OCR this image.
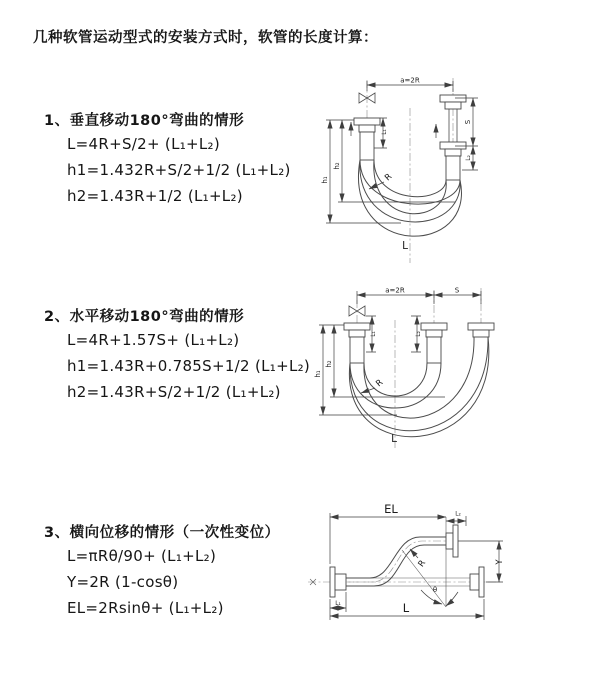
几种软管运动型式的安装方式时，软管的长度计算：
1、垂直移动180°弯曲的情形
L=4R+S/2+ (L₁+L₂)
h1=1.432R+S/2+1/2 (L₁+L₂)
h2=1.43R+1/2 (L₁+L₂)
2、水平移动180°弯曲的情形
L=4R+1.57S+ (L₁+L₂)
h1=1.43R+0.785S+1/2 (L₁+L₂)
h2=1.43R+S/2+1/2 (L₁+L₂)
3、横向位移的情形（一次性变位）
L=πRθ/90+ (L₁+L₂)
Y=2R (1-cosθ)
EL=2Rsinθ+ (L₁+L₂)
a=2R
h₁
h₂
S
L₂
L₁
R
L
a=2R	S
h₁
h₂
L₁	L₂
R
L
EL	L₂
Y
θ
R
L₁	L
